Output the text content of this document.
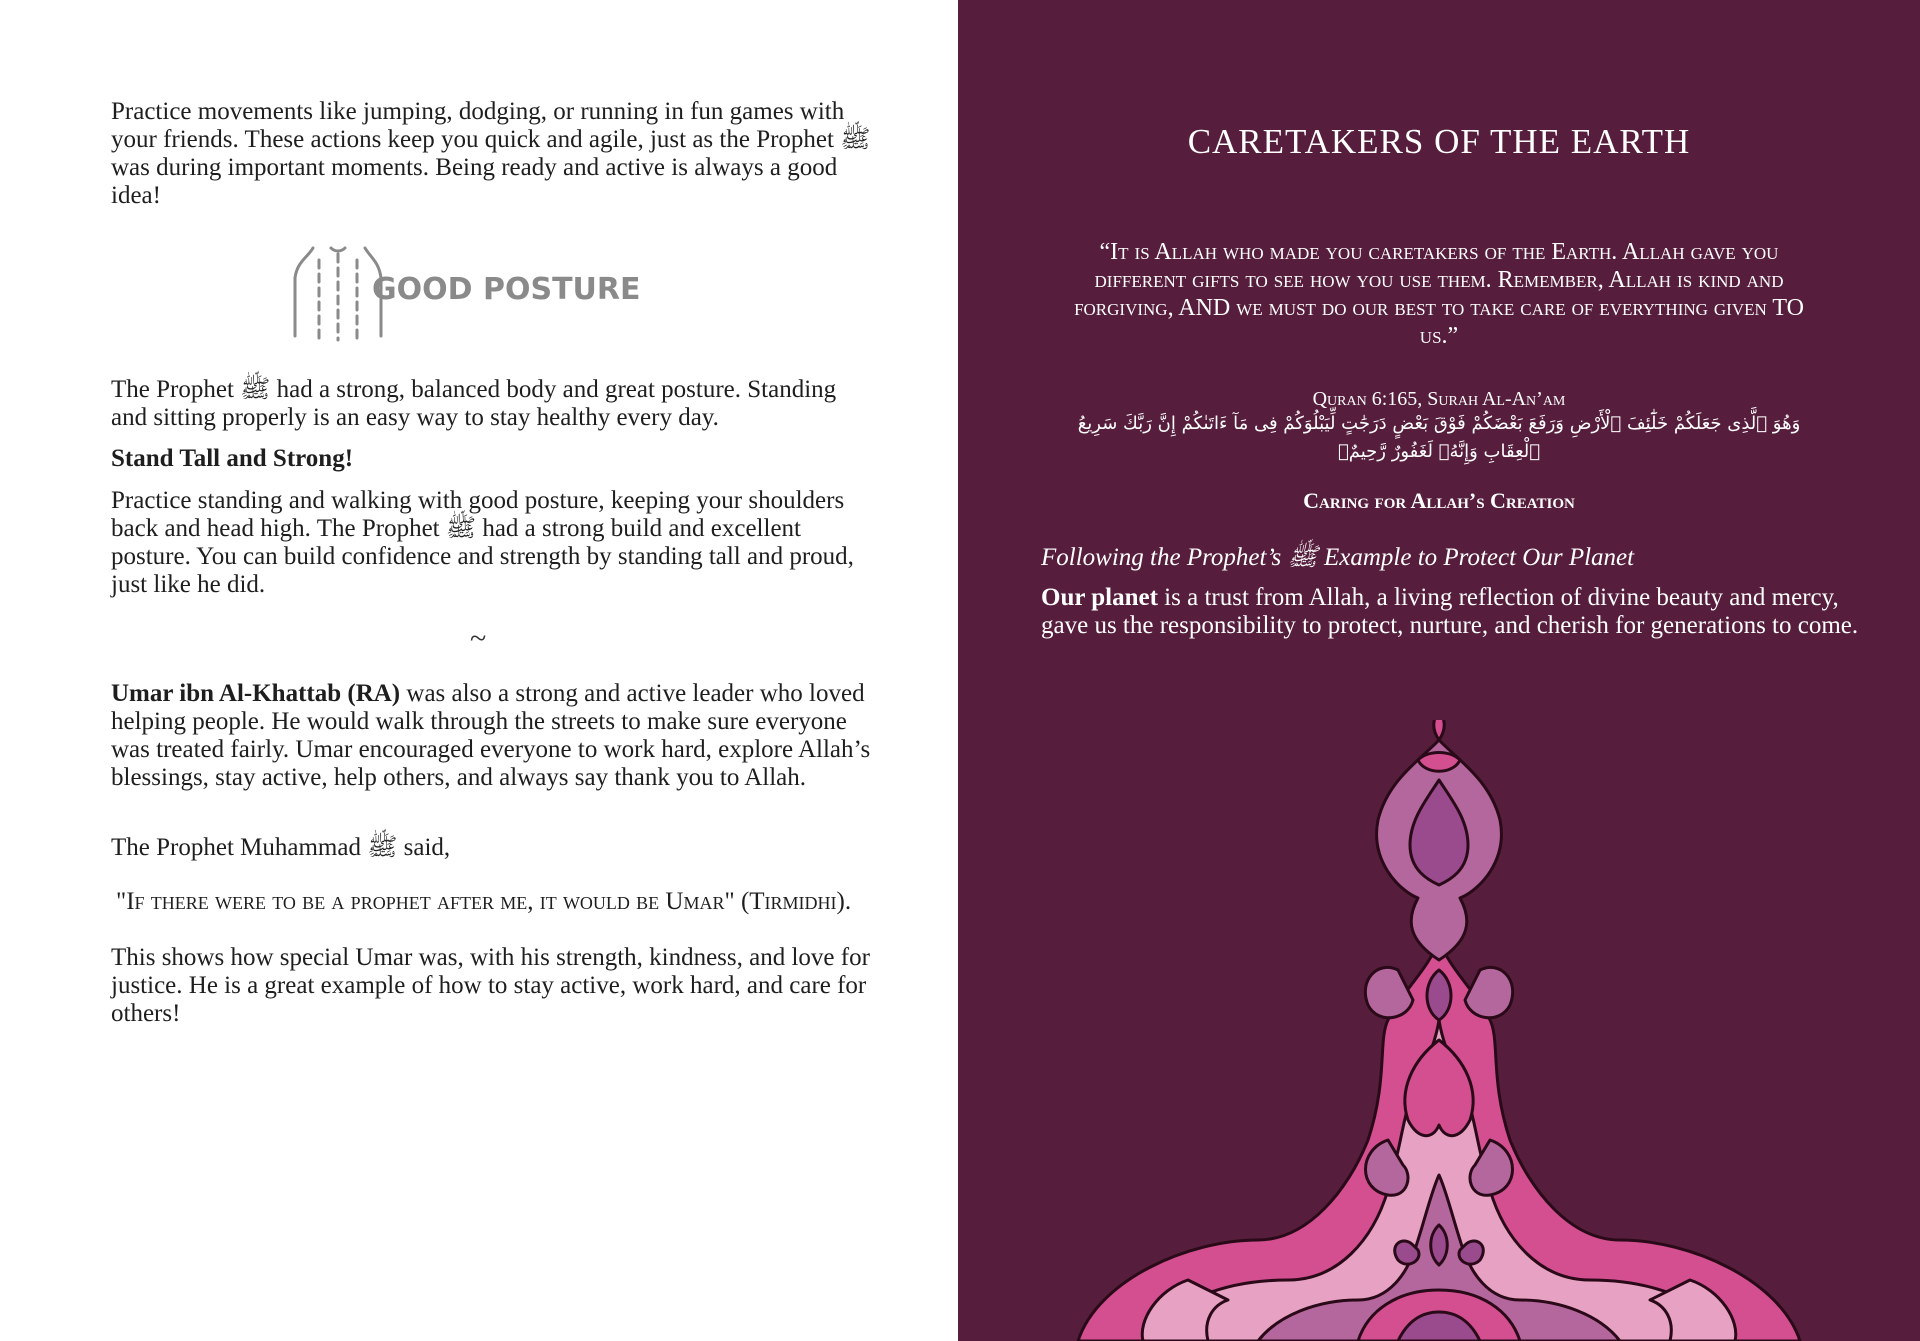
Practice movements like jumping, dodging, or running in fun games with your friends. These actions keep you quick and agile, just as the Prophet ﷺ was during important moments. Being ready and active is always a good idea!

GOOD POSTURE

The Prophet ﷺ had a strong, balanced body and great posture. Standing and sitting properly is an easy way to stay healthy every day.

Stand Tall and Strong!

Practice standing and walking with good posture, keeping your shoulders back and head high. The Prophet ﷺ had a strong build and excellent posture. You can build confidence and strength by standing tall and proud, just like he did.

~

Umar ibn Al-Khattab (RA) was also a strong and active leader who loved helping people. He would walk through the streets to make sure everyone was treated fairly. Umar encouraged everyone to work hard, explore Allah’s blessings, stay active, help others, and always say thank you to Allah.

The Prophet Muhammad ﷺ said,

"If there were to be a prophet after me, it would be Umar" (Tirmidhi).

This shows how special Umar was, with his strength, kindness, and love for justice. He is a great example of how to stay active, work hard, and care for others!

CARETAKERS OF THE EARTH

“It is Allah who made you caretakers of the Earth. Allah gave you different gifts to see how you use them. Remember, Allah is kind and forgiving, AND we must do our best to take care of everything given TO us.”

Quran 6:165, Surah Al-An’am

وَهُوَ ٱلَّذِى جَعَلَكُمْ خَلَٰٓئِفَ ٱلْأَرْضِ وَرَفَعَ بَعْضَكُمْ فَوْقَ بَعْضٍ دَرَجَٰتٍ لِّيَبْلُوَكُمْ فِى مَآ ءَاتَىٰكُمْ إِنَّ رَبَّكَ سَرِيعُ ٱلْعِقَابِ وَإِنَّهُۥ لَغَفُورٌ رَّحِيمٌۢ

Caring for Allah’s Creation

Following the Prophet’s ﷺ Example to Protect Our Planet

Our planet is a trust from Allah, a living reflection of divine beauty and mercy, gave us the responsibility to protect, nurture, and cherish for generations to come.
